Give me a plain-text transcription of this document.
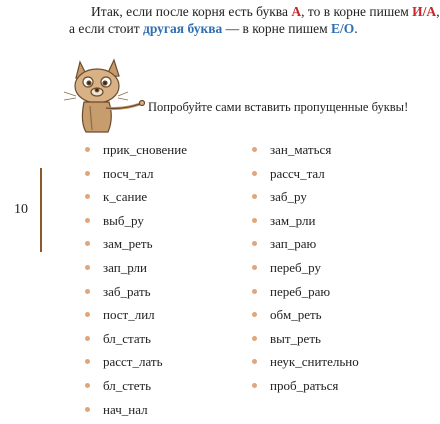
Итак, если после корня есть буква А, то в корне пишем И/А,
а если стоит другая буква — в корне пишем Е/О.
Попробуйте сами вставить пропущенные буквы!
10
прик_сновение
посч_тал
к_сание
выб_ру
зам_реть
зап_рли
заб_рать
пост_лил
бл_стать
расст_лать
бл_стеть
нач_нал
зан_маться
рассч_тал
заб_ру
зам_рли
зап_раю
переб_ру
переб_раю
обм_реть
выт_реть
неук_снительно
проб_раться
